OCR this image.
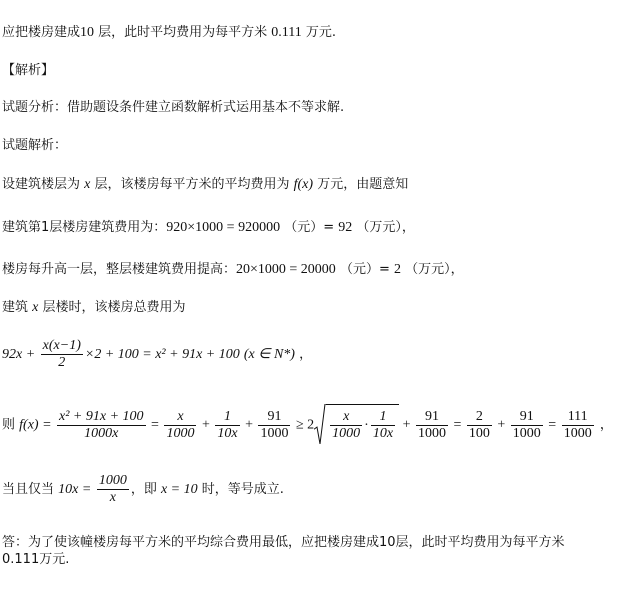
应把楼房建成10 层，此时平均费用为每平方米 0.111 万元.
【解析】
试题分析：借助题设条件建立函数解析式运用基本不等求解.
试题解析：
设建筑楼层为 x 层，该楼房每平方米的平均费用为 f(x) 万元，由题意知
建筑第1层楼房建筑费用为：920×1000 = 920000 （元）= 92 （万元），
楼房每升高一层，整层楼建筑费用提高：20×1000 = 20000 （元）= 2 （万元），
建筑 x 层楼时，该楼房总费用为
$92x + \frac{x(x-1)}{2} \times 2 + 100 = x^2 + 91x + 100$ (x ∈ N*) ，
则 $f(x) = \frac{\text{x² + 91x + 100}}{1000x} = \frac{x}{1000} + \frac{1}{10x} + \frac{91}{1000} \ge 2 \frac{x}{1000} \cdot \frac{1}{10x} + \frac{91}{1000} = \frac{2}{100} + \frac{91}{1000} = \frac{111}{1000}$ ，
当且仅当 $10x = \frac{1000}{x}$ ，即 x = 10 时，等号成立.
答：为了使该幢楼房每平方米的平均综合费用最低，应把楼房建成10层，此时平均费用为每平方米
0.111万元.
